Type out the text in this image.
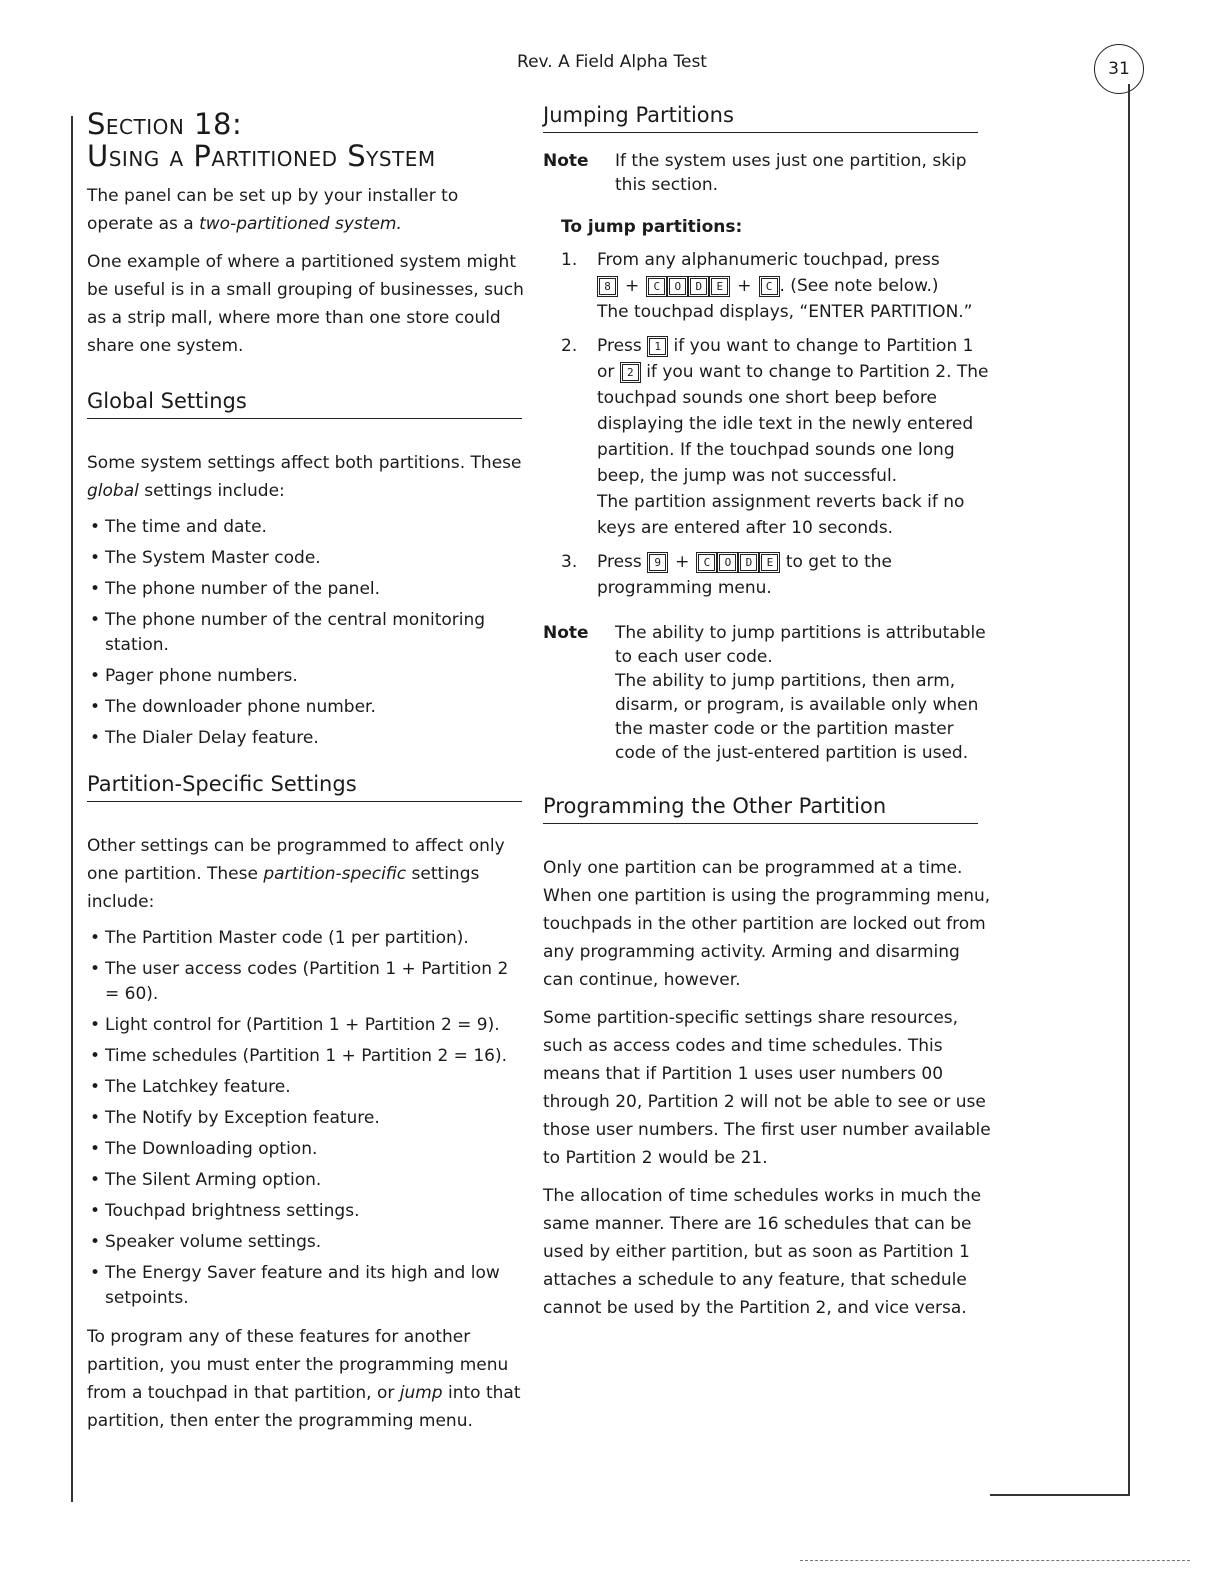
Rev. A Field Alpha Test	31
Section 18:
Using a Partitioned System

The panel can be set up by your installer to operate as a two-partitioned system.

One example of where a partitioned system might be useful is in a small grouping of businesses, such as a strip mall, where more than one store could share one system.

Global Settings

Some system settings affect both partitions. These global settings include:

• The time and date.
• The System Master code.
• The phone number of the panel.
• The phone number of the central monitoring station.
• Pager phone numbers.
• The downloader phone number.
• The Dialer Delay feature.
Partition-Specific Settings

Other settings can be programmed to affect only one partition. These partition-specific settings include:

• The Partition Master code (1 per partition).
• The user access codes (Partition 1 + Partition 2 = 60).
• Light control for (Partition 1 + Partition 2 = 9).
• Time schedules (Partition 1 + Partition 2 = 16).
• The Latchkey feature.
• The Notify by Exception feature.
• The Downloading option.
• The Silent Arming option.
• Touchpad brightness settings.
• Speaker volume settings.
• The Energy Saver feature and its high and low setpoints.

To program any of these features for another partition, you must enter the programming menu from a touchpad in that partition, or jump into that partition, then enter the programming menu.

Jumping Partitions
Note	If the system uses just one partition, skip this section.
To jump partitions:
1.	From any alphanumeric touchpad, press
8 + C O D E + C . (See note below.)
The touchpad displays, “ENTER PARTITION.”
2.	Press 1 if you want to change to Partition 1 or 2 if you want to change to Partition 2. The touchpad sounds one short beep before displaying the idle text in the newly entered partition. If the touchpad sounds one long beep, the jump was not successful.
The partition assignment reverts back if no keys are entered after 10 seconds.
3.	Press 9 + C O D E to get to the programming menu.
Note	The ability to jump partitions is attributable to each user code.
The ability to jump partitions, then arm, disarm, or program, is available only when the master code or the partition master code of the just-entered partition is used.
Programming the Other Partition

Only one partition can be programmed at a time. When one partition is using the programming menu, touchpads in the other partition are locked out from any programming activity. Arming and disarming can continue, however.

Some partition-specific settings share resources, such as access codes and time schedules. This means that if Partition 1 uses user numbers 00 through 20, Partition 2 will not be able to see or use those user numbers. The first user number available to Partition 2 would be 21.

The allocation of time schedules works in much the same manner. There are 16 schedules that can be used by either partition, but as soon as Partition 1 attaches a schedule to any feature, that schedule cannot be used by the Partition 2, and vice versa.
